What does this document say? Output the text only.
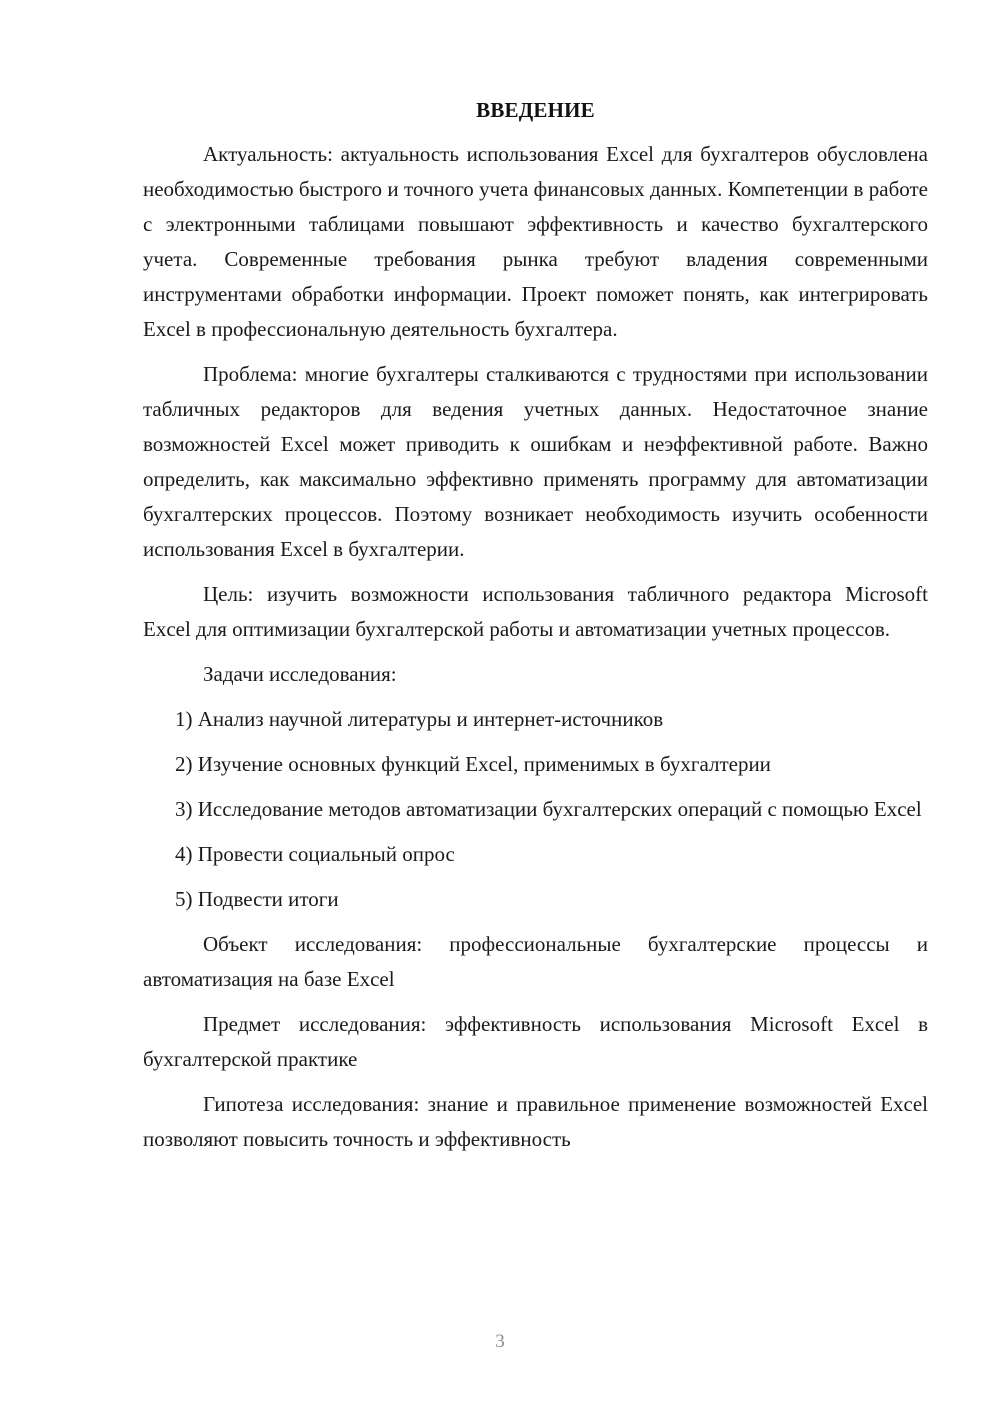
ВВЕДЕНИЕ

Актуальность: актуальность использования Excel для бухгалтеров обусловлена необходимостью быстрого и точного учета финансовых данных. Компетенции в работе с электронными таблицами повышают эффективность и качество бухгалтерского учета. Современные требования рынка требуют владения современными инструментами обработки информации. Проект поможет понять, как интегрировать Excel в профессиональную деятельность бухгалтера.

Проблема: многие бухгалтеры сталкиваются с трудностями при использовании табличных редакторов для ведения учетных данных. Недостаточное знание возможностей Excel может приводить к ошибкам и неэффективной работе. Важно определить, как максимально эффективно применять программу для автоматизации бухгалтерских процессов. Поэтому возникает необходимость изучить особенности использования Excel в бухгалтерии.

Цель: изучить возможности использования табличного редактора Microsoft Excel для оптимизации бухгалтерской работы и автоматизации учетных процессов.

Задачи исследования:

1) Анализ научной литературы и интернет-источников

2) Изучение основных функций Excel, применимых в бухгалтерии

3) Исследование методов автоматизации бухгалтерских операций с помощью Excel

4) Провести социальный опрос

5) Подвести итоги

Объект исследования: профессиональные бухгалтерские процессы и автоматизация на базе Excel

Предмет исследования: эффективность использования Microsoft Excel в бухгалтерской практике

Гипотеза исследования: знание и правильное применение возможностей Excel позволяют повысить точность и эффективность

3
